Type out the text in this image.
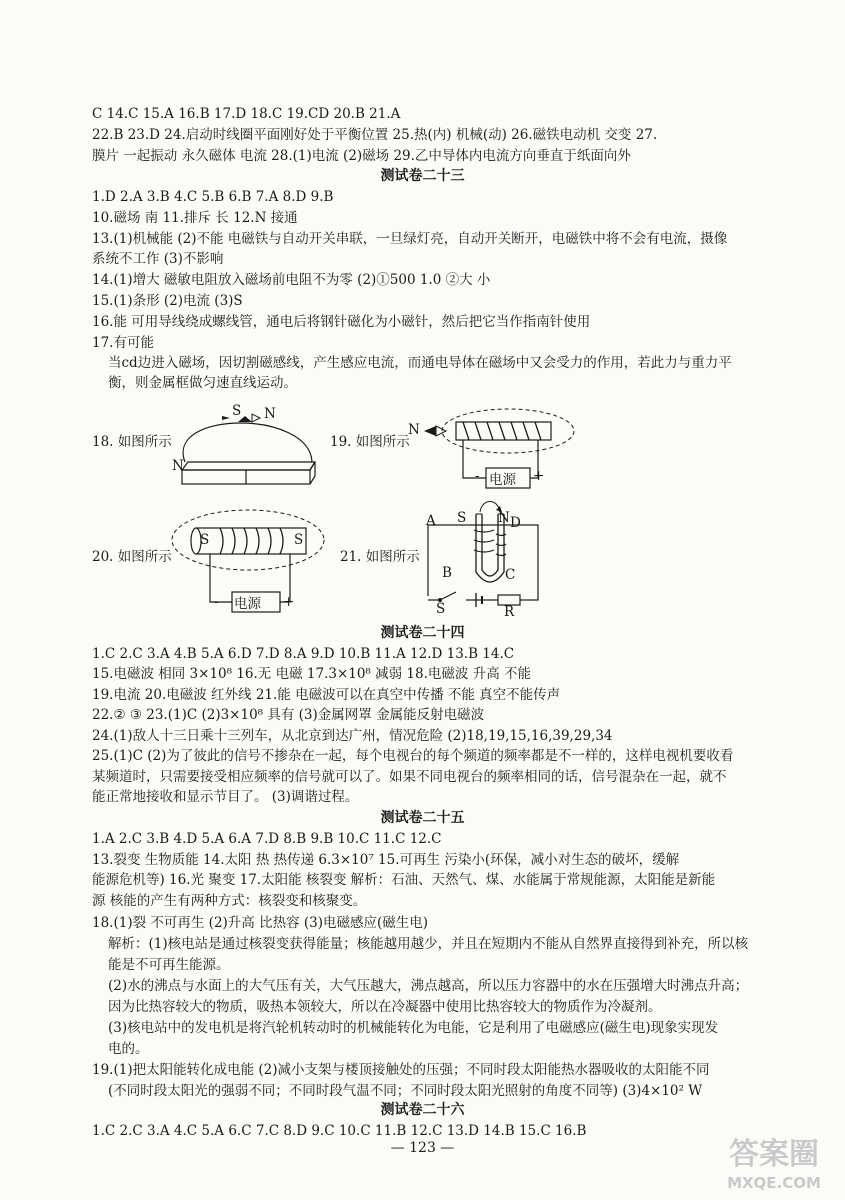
C 14.C 15.A 16.B 17.D 18.C 19.CD 20.B 21.A
22.B 23.D 24.启动时线圈平面刚好处于平衡位置 25.热(内) 机械(动) 26.磁铁电动机 交变 27.
膜片 一起振动 永久磁体 电流 28.(1)电流 (2)磁场 29.乙中导体内电流方向垂直于纸面向外
测试卷二十三
1.D 2.A 3.B 4.C 5.B 6.B 7.A 8.D 9.B
10.磁场 南 11.排斥 长 12.N 接通
13.(1)机械能 (2)不能 电磁铁与自动开关串联，一旦绿灯亮，自动开关断开，电磁铁中将不会有电流，摄像
系统不工作 (3)不影响
14.(1)增大 磁敏电阻放入磁场前电阻不为零 (2)①500 1.0 ②大 小
15.(1)条形 (2)电流 (3)S
16.能 可用导线绕成螺线管，通电后将钢针磁化为小磁针，然后把它当作指南针使用
17.有可能
当cd边进入磁场，因切割磁感线，产生感应电流，而通电导体在磁场中又会受力的作用，若此力与重力平
衡，则金属框做匀速直线运动。
18. 如图所示
S N
N
19. 如图所示
N
- 电源 +
20. 如图所示
S	S
- 电源 +
21. 如图所示
A S N D
B	C
S	R
测试卷二十四
1.C 2.C 3.A 4.B 5.A 6.D 7.D 8.A 9.D 10.B 11.A 12.D 13.B 14.C
15.电磁波 相同 3×10⁸ 16.无 电磁 17.3×10⁸ 减弱 18.电磁波 升高 不能
19.电流 20.电磁波 红外线 21.能 电磁波可以在真空中传播 不能 真空不能传声
22.② ③ 23.(1)C (2)3×10⁸ 具有 (3)金属网罩 金属能反射电磁波
24.(1)敌人十三日乘十三列车，从北京到达广州，情况危险 (2)18,19,15,16,39,29,34
25.(1)C (2)为了彼此的信号不掺杂在一起，每个电视台的每个频道的频率都是不一样的，这样电视机要收看
某频道时，只需要接受相应频率的信号就可以了。如果不同电视台的频率相同的话，信号混杂在一起，就不
能正常地接收和显示节目了。 (3)调谐过程。
测试卷二十五
1.A 2.C 3.B 4.D 5.A 6.A 7.D 8.B 9.B 10.C 11.C 12.C
13.裂变 生物质能 14.太阳 热 热传递 6.3×10⁷ 15.可再生 污染小(环保，减小对生态的破坏，缓解
能源危机等) 16.光 聚变 17.太阳能 核裂变 解析：石油、天然气、煤、水能属于常规能源，太阳能是新能
源 核能的产生有两种方式：核裂变和核聚变。
18.(1)裂 不可再生 (2)升高 比热容 (3)电磁感应(磁生电)
解析：(1)核电站是通过核裂变获得能量；核能越用越少，并且在短期内不能从自然界直接得到补充，所以核
能是不可再生能源。
(2)水的沸点与水面上的大气压有关，大气压越大，沸点越高，所以压力容器中的水在压强增大时沸点升高；
因为比热容较大的物质，吸热本领较大，所以在冷凝器中使用比热容较大的物质作为冷凝剂。
(3)核电站中的发电机是将汽轮机转动时的机械能转化为电能，它是利用了电磁感应(磁生电)现象实现发
电的。
19.(1)把太阳能转化成电能 (2)减小支架与楼顶接触处的压强；不同时段太阳能热水器吸收的太阳能不同
(不同时段太阳光的强弱不同；不同时段气温不同；不同时段太阳光照射的角度不同等) (3)4×10² W
测试卷二十六
1.C 2.C 3.A 4.C 5.A 6.C 7.C 8.D 9.C 10.C 11.B 12.C 13.D 14.B 15.C 16.B
— 123 —	答案圈
MXQE.COM
